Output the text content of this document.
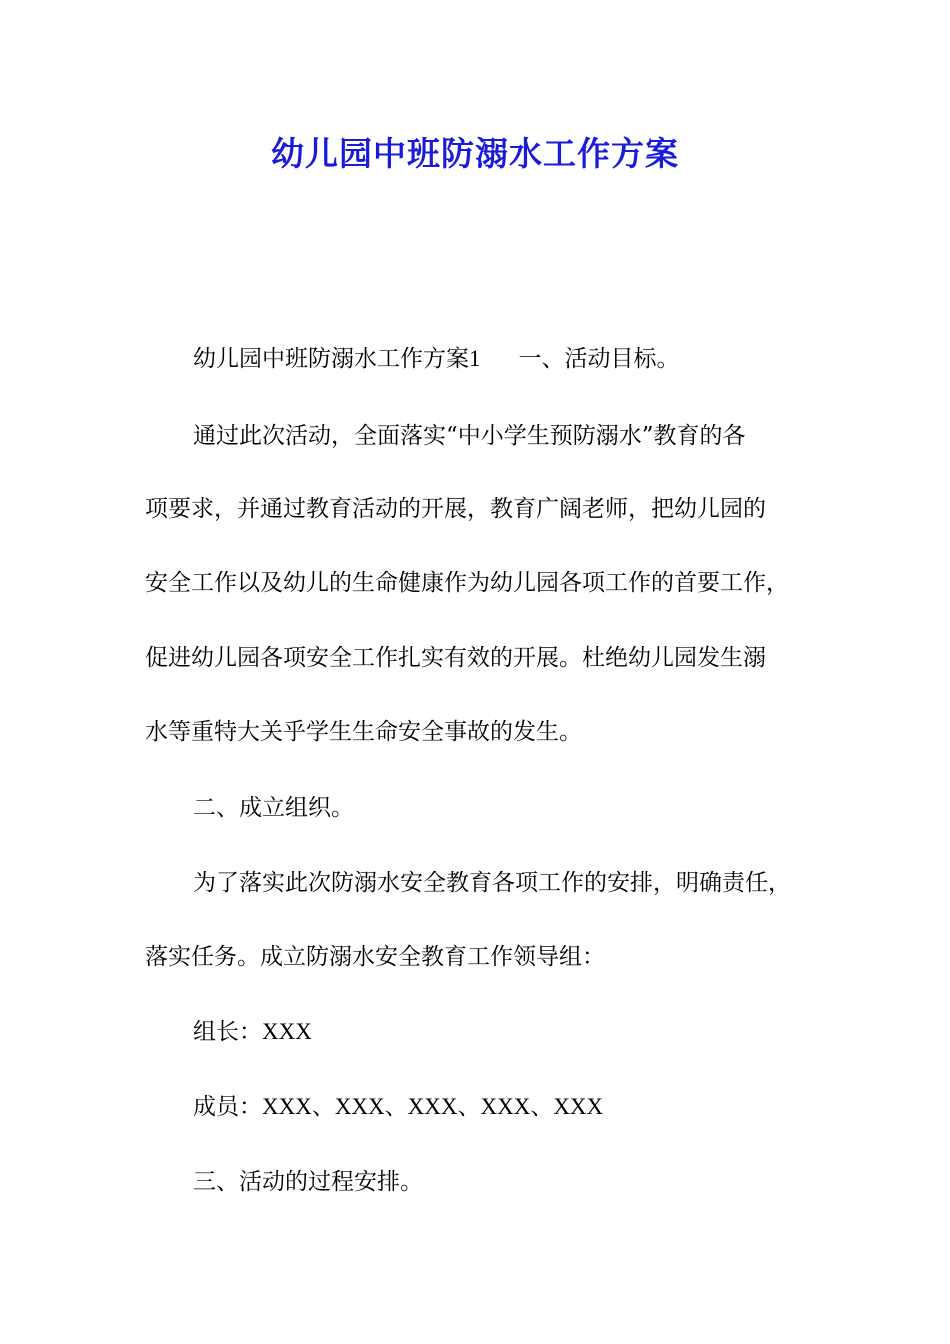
幼儿园中班防溺水工作方案

幼儿园中班防溺水工作方案1 一、活动目标。

通过此次活动，全面落实“中小学生预防溺水”教育的各

项要求，并通过教育活动的开展，教育广阔老师，把幼儿园的

安全工作以及幼儿的生命健康作为幼儿园各项工作的首要工作，

促进幼儿园各项安全工作扎实有效的开展。杜绝幼儿园发生溺

水等重特大关乎学生生命安全事故的发生。

二、成立组织。

为了落实此次防溺水安全教育各项工作的安排，明确责任，

落实任务。成立防溺水安全教育工作领导组：

组长：XXX

成员：XXX、XXX、XXX、XXX、XXX

三、活动的过程安排。
